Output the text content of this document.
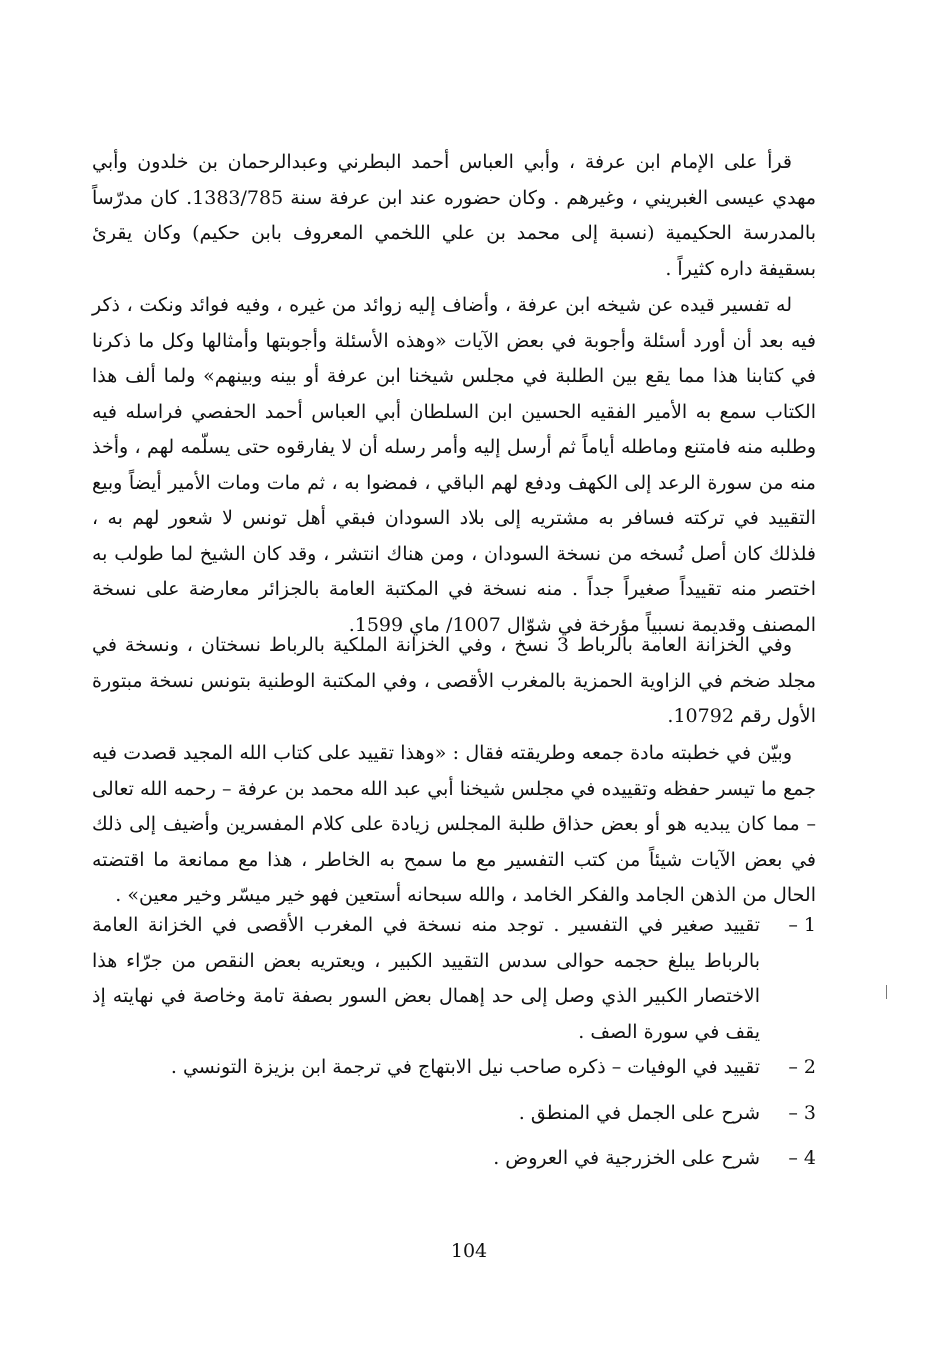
قرأ على الإمام ابن عرفة ، وأبي العباس أحمد البطرني وعبدالرحمان بن خلدون وأبي مهدي عيسى الغبريني ، وغيرهم . وكان حضوره عند ابن عرفة سنة 1383/785. كان مدرّساً بالمدرسة الحكيمية (نسبة إلى محمد بن علي اللخمي المعروف بابن حكيم) وكان يقرئ بسقيفة داره كثيراً .

له تفسير قيده عن شيخه ابن عرفة ، وأضاف إليه زوائد من غيره ، وفيه فوائد ونكت ، ذكر فيه بعد أن أورد أسئلة وأجوبة في بعض الآيات «وهذه الأسئلة وأجوبتها وأمثالها وكل ما ذكرنا في كتابنا هذا مما يقع بين الطلبة في مجلس شيخنا ابن عرفة أو بينه وبينهم» ولما ألف هذا الكتاب سمع به الأمير الفقيه الحسين ابن السلطان أبي العباس أحمد الحفصي فراسله فيه وطلبه منه فامتنع وماطله أياماً ثم أرسل إليه وأمر رسله أن لا يفارقوه حتى يسلّمه لهم ، وأخذ منه من سورة الرعد إلى الكهف ودفع لهم الباقي ، فمضوا به ، ثم مات ومات الأمير أيضاً وبيع التقييد في تركته فسافر به مشتريه إلى بلاد السودان فبقي أهل تونس لا شعور لهم به ، فلذلك كان أصل نُسخه من نسخة السودان ، ومن هناك انتشر ، وقد كان الشيخ لما طولب به اختصر منه تقييداً صغيراً جداً . منه نسخة في المكتبة العامة بالجزائر معارضة على نسخة المصنف وقديمة نسبياً مؤرخة في شوّال 1007/ ماي 1599.

وفي الخزانة العامة بالرباط 3 نسخ ، وفي الخزانة الملكية بالرباط نسختان ، ونسخة في مجلد ضخم في الزاوية الحمزية بالمغرب الأقصى ، وفي المكتبة الوطنية بتونس نسخة مبتورة الأول رقم 10792.

وبيّن في خطبته مادة جمعه وطريقته فقال : «وهذا تقييد على كتاب الله المجيد قصدت فيه جمع ما تيسر حفظه وتقييده في مجلس شيخنا أبي عبد الله محمد بن عرفة – رحمه الله تعالى – مما كان يبديه هو أو بعض حذاق طلبة المجلس زيادة على كلام المفسرين وأضيف إلى ذلك في بعض الآيات شيئاً من كتب التفسير مع ما سمح به الخاطر ، هذا مع ممانعة ما اقتضته الحال من الذهن الجامد والفكر الخامد ، والله سبحانه أستعين فهو خير ميسّر وخير معين» .

1 –
تقييد صغير في التفسير . توجد منه نسخة في المغرب الأقصى في الخزانة العامة بالرباط يبلغ حجمه حوالى سدس التقييد الكبير ، ويعتريه بعض النقص من جرّاء هذا الاختصار الكبير الذي وصل إلى حد إهمال بعض السور بصفة تامة وخاصة في نهايته إذ يقف في سورة الصف .
2 –
تقييد في الوفيات – ذكره صاحب نيل الابتهاج في ترجمة ابن بزيزة التونسي .
3 –
شرح على الجمل في المنطق .
4 –
شرح على الخزرجية في العروض .
104
